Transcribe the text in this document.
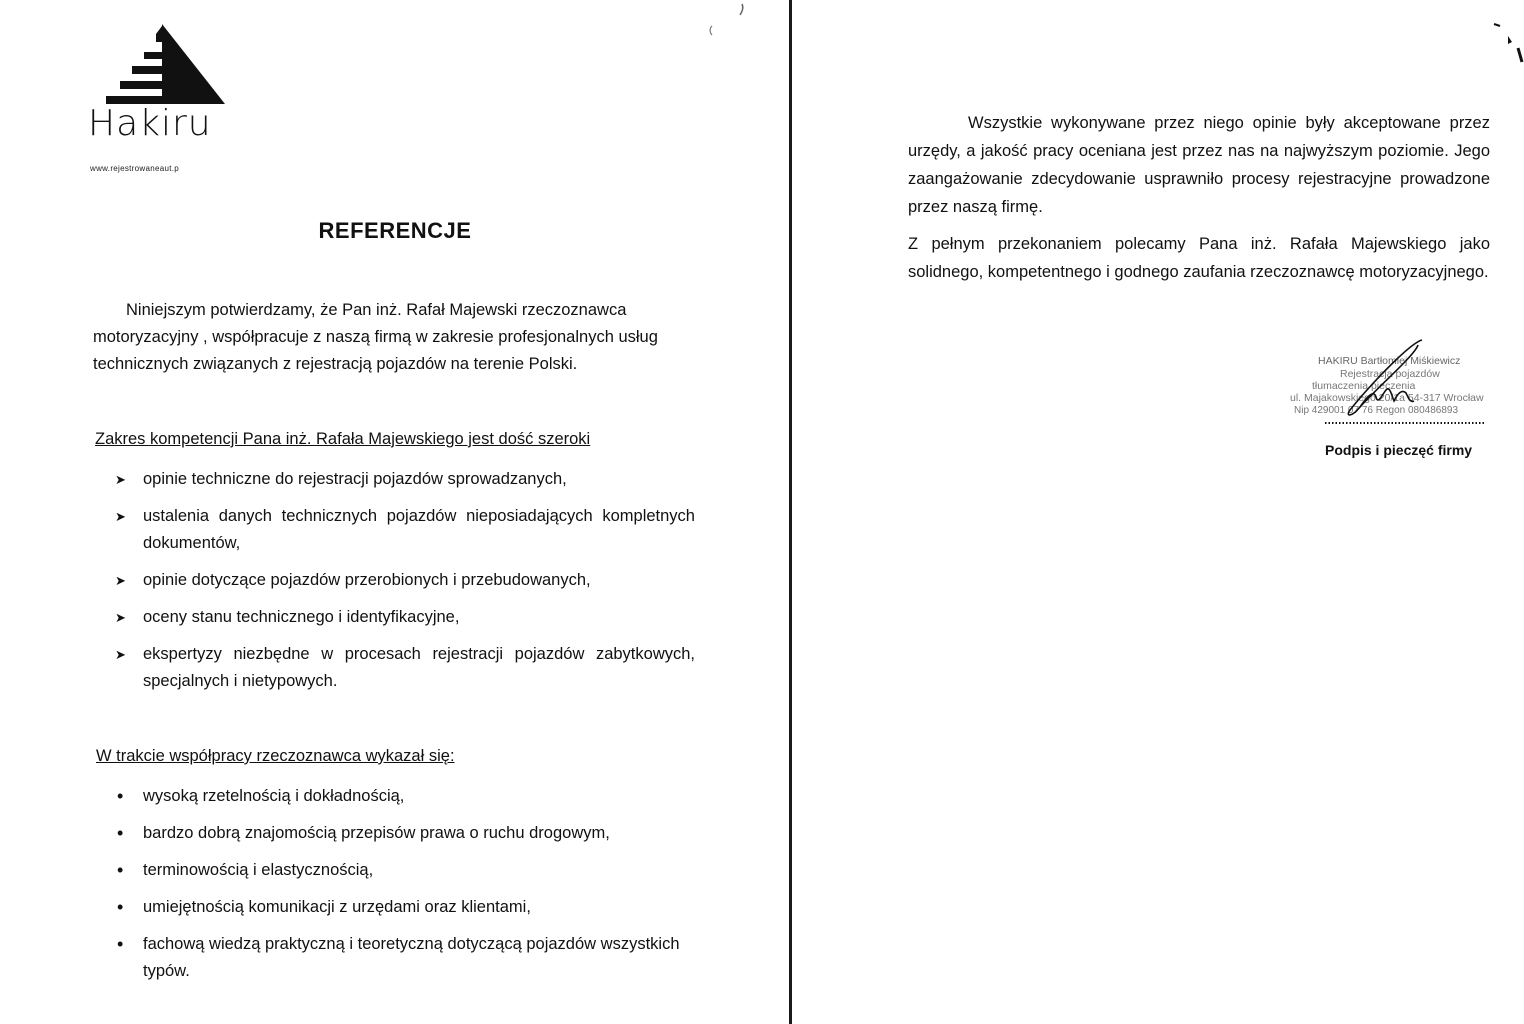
Hakiru
www.rejestrowaneaut.p
REFERENCJE
Niniejszym potwierdzamy, że Pan inż. Rafał Majewski rzeczoznawca motoryzacyjny , współpracuje z naszą firmą w zakresie profesjonalnych usług technicznych związanych z rejestracją pojazdów na terenie Polski.
Zakres kompetencji Pana inż. Rafała Majewskiego jest dość szeroki
➤ opinie techniczne do rejestracji pojazdów sprowadzanych,
➤ ustalenia danych technicznych pojazdów nieposiadających kompletnych dokumentów,
➤ opinie dotyczące pojazdów przerobionych i przebudowanych,
➤ oceny stanu technicznego i identyfikacyjne,
➤ ekspertyzy niezbędne w procesach rejestracji pojazdów zabytkowych, specjalnych i nietypowych.
W trakcie współpracy rzeczoznawca wykazał się:
• wysoką rzetelnością i dokładnością,
• bardzo dobrą znajomością przepisów prawa o ruchu drogowym,
• terminowością i elastycznością,
• umiejętnością komunikacji z urzędami oraz klientami,
• fachową wiedzą praktyczną i teoretyczną dotyczącą pojazdów wszystkich typów.
Wszystkie wykonywane przez niego opinie były akceptowane przez urzędy, a jakość pracy oceniana jest przez nas na najwyższym poziomie. Jego zaangażowanie zdecydowanie usprawniło procesy rejestracyjne prowadzone przez naszą firmę.
Z pełnym przekonaniem polecamy Pana inż. Rafała Majewskiego jako solidnego, kompetentnego i godnego zaufania rzeczoznawcę motoryzacyjnego.
HAKIRU Bartłomiej Miśkiewicz
Rejestracja pojazdów
tłumaczenia pieczenia
ul. Majakowskiego 20/1a 54-317 Wrocław
Nip 429001 07 76 Regon 080486893
Podpis i pieczęć firmy
